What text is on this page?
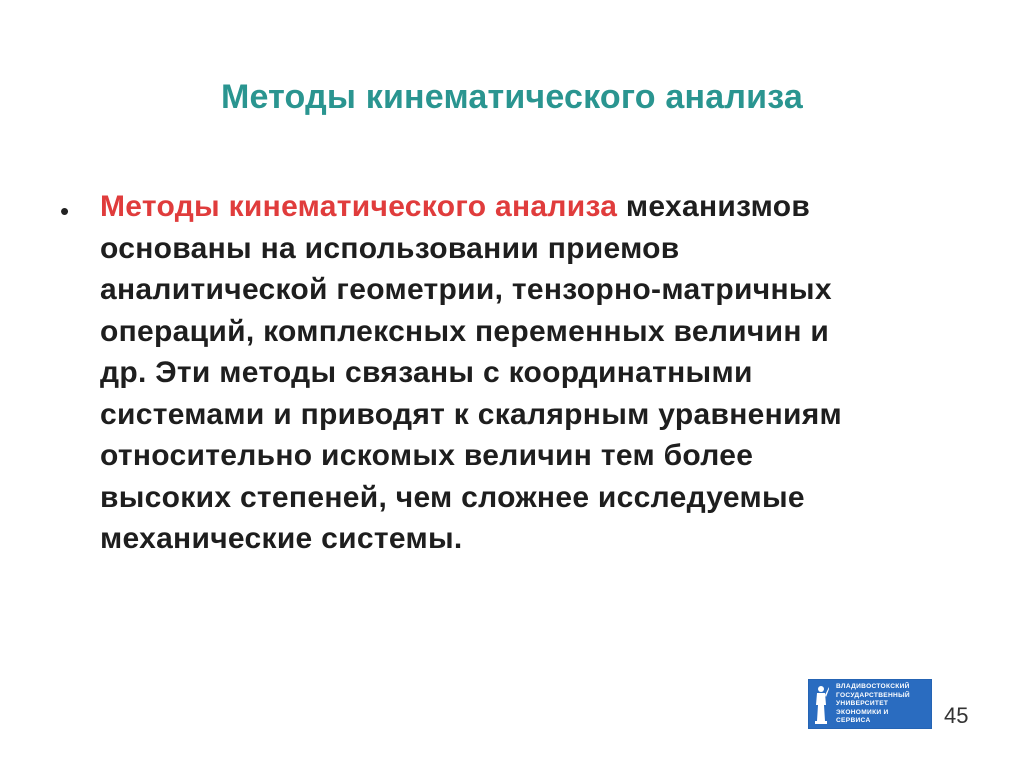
Методы кинематического анализа
• Методы кинематического анализа механизмов
основаны на использовании приемов
аналитической геометрии, тензорно-матричных
операций, комплексных переменных величин и
др. Эти методы связаны с координатными
системами и приводят к скалярным уравнениям
относительно искомых величин тем более
высоких степеней, чем сложнее исследуемые
механические системы.
ВЛАДИВОСТОКСКИЙ
ГОСУДАРСТВЕННЫЙ
УНИВЕРСИТЕТ
ЭКОНОМИКИ И
СЕРВИСА	45
